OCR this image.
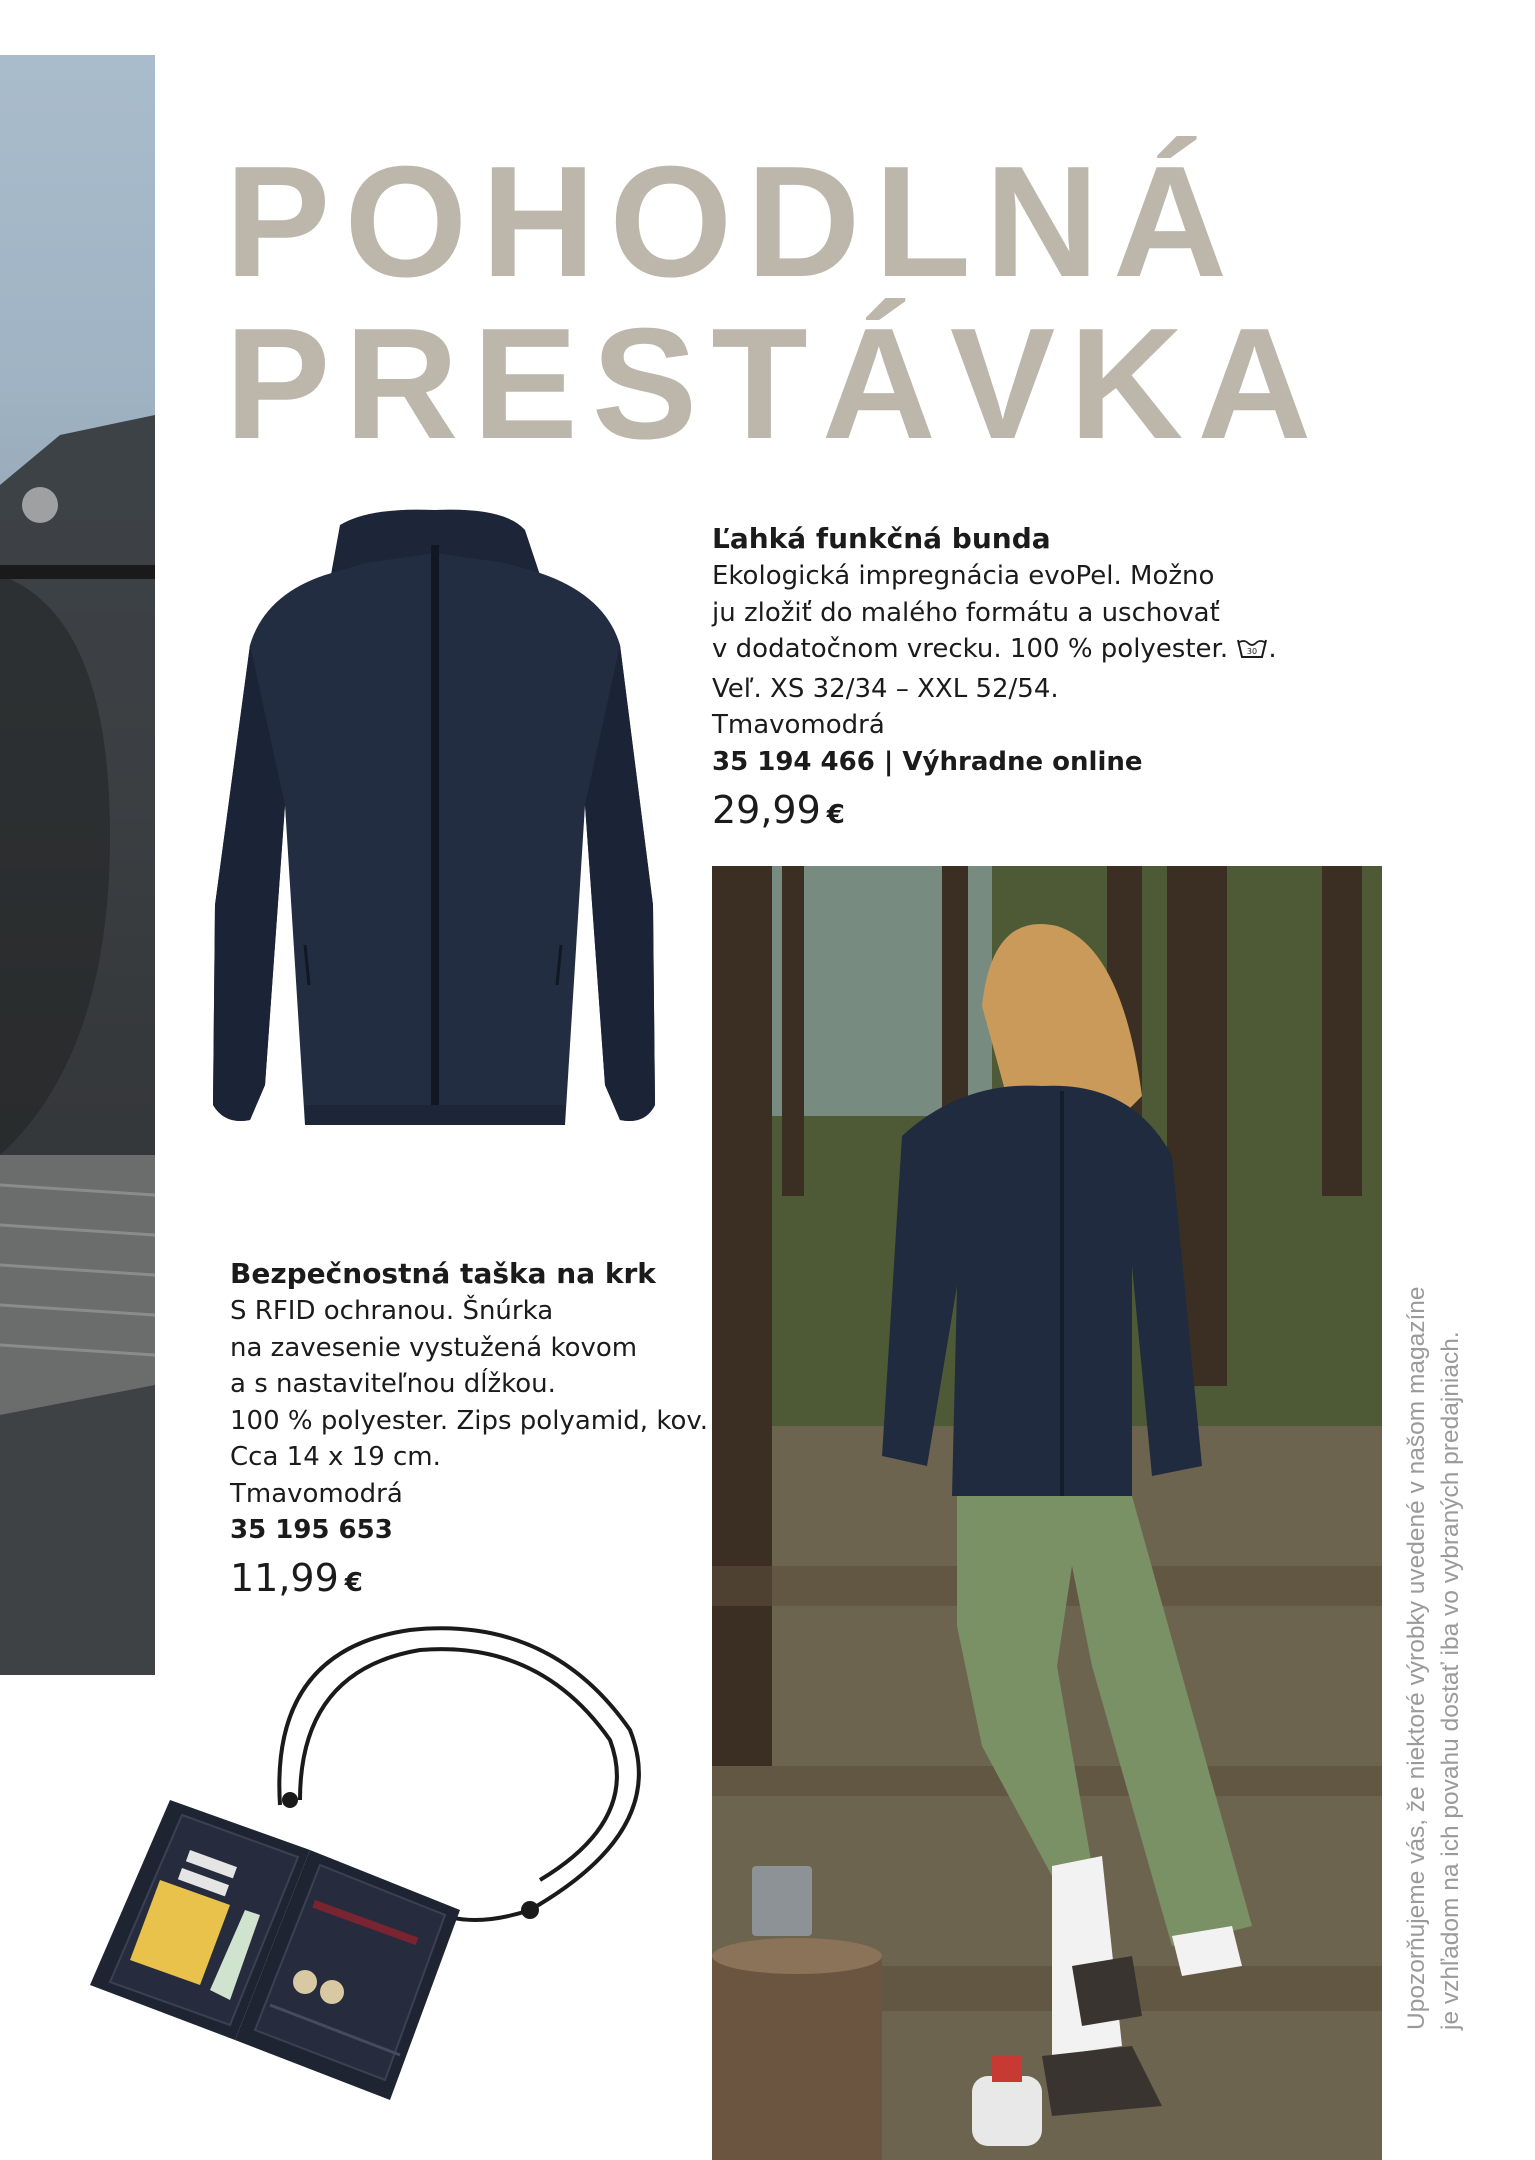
POHODLNÁ
PRESTÁVKA
Ľahká funkčná bunda
Ekologická impregnácia evoPel. Možno
ju zložiť do malého formátu a uschovať
v dodatočnom vrecku. 100 % polyester. 30 .
Veľ. XS 32/34 – XXL 52/54.
Tmavomodrá
35 194 466 | Výhradne online
29,99 €
Bezpečnostná taška na krk
S RFID ochranou. Šnúrka
na zavesenie vystužená kovom
a s nastaviteľnou dĺžkou.
100 % polyester. Zips polyamid, kov.
Cca 14 x 19 cm.
Tmavomodrá
35 195 653
11,99 €	Upozorňujeme vás, že niektoré výrobky uvedené v našom magazíne je vzhľadom na ich povahu dostať iba vo vybraných predajniach.
